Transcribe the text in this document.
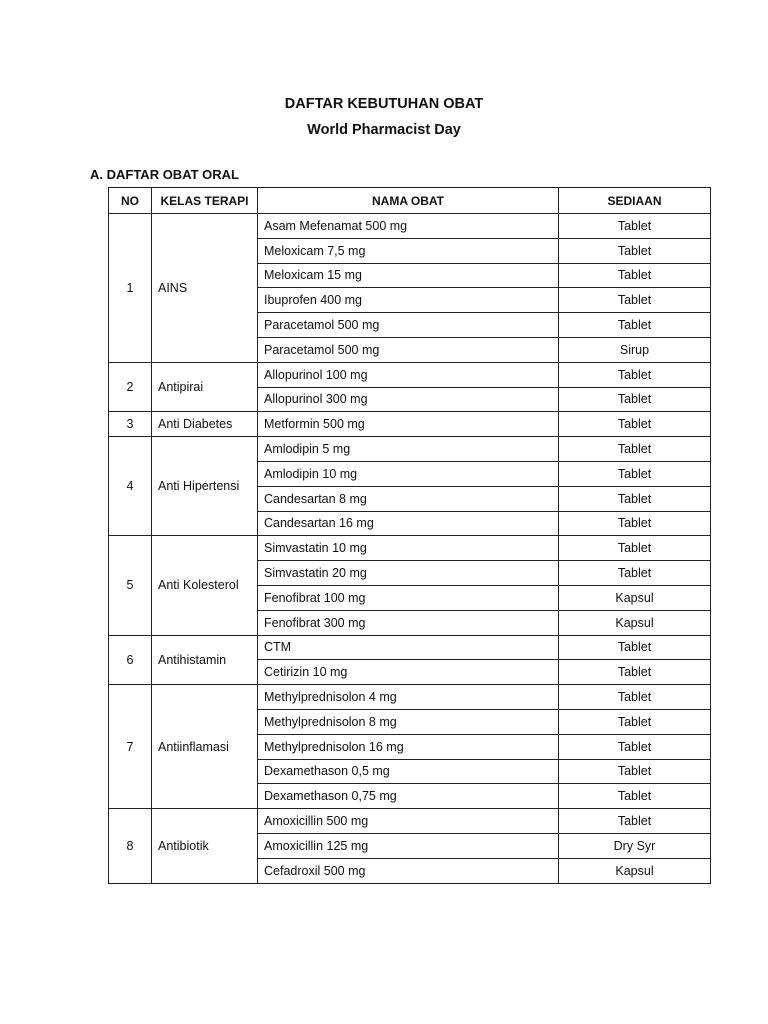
DAFTAR KEBUTUHAN OBAT
World Pharmacist Day
A. DAFTAR OBAT ORAL
NO	KELAS TERAPI	NAMA OBAT	SEDIAAN
1	AINS	Asam Mefenamat 500 mg	Tablet
		Meloxicam 7,5 mg	Tablet
		Meloxicam 15 mg	Tablet
		Ibuprofen 400 mg	Tablet
		Paracetamol 500 mg	Tablet
		Paracetamol 500 mg	Sirup
2	Antipirai	Allopurinol 100 mg	Tablet
		Allopurinol 300 mg	Tablet
3	Anti Diabetes	Metformin 500 mg	Tablet
4	Anti Hipertensi	Amlodipin 5 mg	Tablet
		Amlodipin 10 mg	Tablet
		Candesartan 8 mg	Tablet
		Candesartan 16 mg	Tablet
5	Anti Kolesterol	Simvastatin 10 mg	Tablet
		Simvastatin 20 mg	Tablet
		Fenofibrat 100 mg	Kapsul
		Fenofibrat 300 mg	Kapsul
6	Antihistamin	CTM	Tablet
		Cetirizin 10 mg	Tablet
7	Antiinflamasi	Methylprednisolon 4 mg	Tablet
		Methylprednisolon 8 mg	Tablet
		Methylprednisolon 16 mg	Tablet
		Dexamethason 0,5 mg	Tablet
		Dexamethason 0,75 mg	Tablet
8	Antibiotik	Amoxicillin 500 mg	Tablet
		Amoxicillin 125 mg	Dry Syr
		Cefadroxil 500 mg	Kapsul
